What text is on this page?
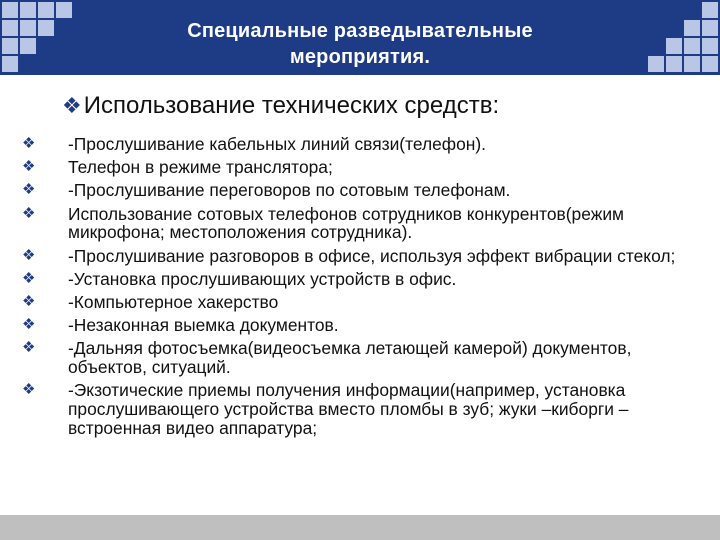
Специальные разведывательные мероприятия.
❖Использование технических средств:
❖ -Прослушивание кабельных линий связи(телефон).
❖ Телефон в режиме транслятора;
❖ -Прослушивание переговоров по сотовым телефонам.
❖ Использование сотовых телефонов сотрудников конкурентов(режим микрофона; местоположения сотрудника).
❖ -Прослушивание разговоров в офисе, используя эффект вибрации стекол;
❖ -Установка прослушивающих устройств в офис.
❖ -Компьютерное хакерство
❖ -Незаконная выемка документов.
❖ -Дальняя фотосъемка(видеосъемка летающей камерой) документов, объектов, ситуаций.
❖ -Экзотические приемы получения информации(например, установка прослушивающего устройства вместо пломбы в зуб; жуки –киборги – встроенная видео аппаратура;
